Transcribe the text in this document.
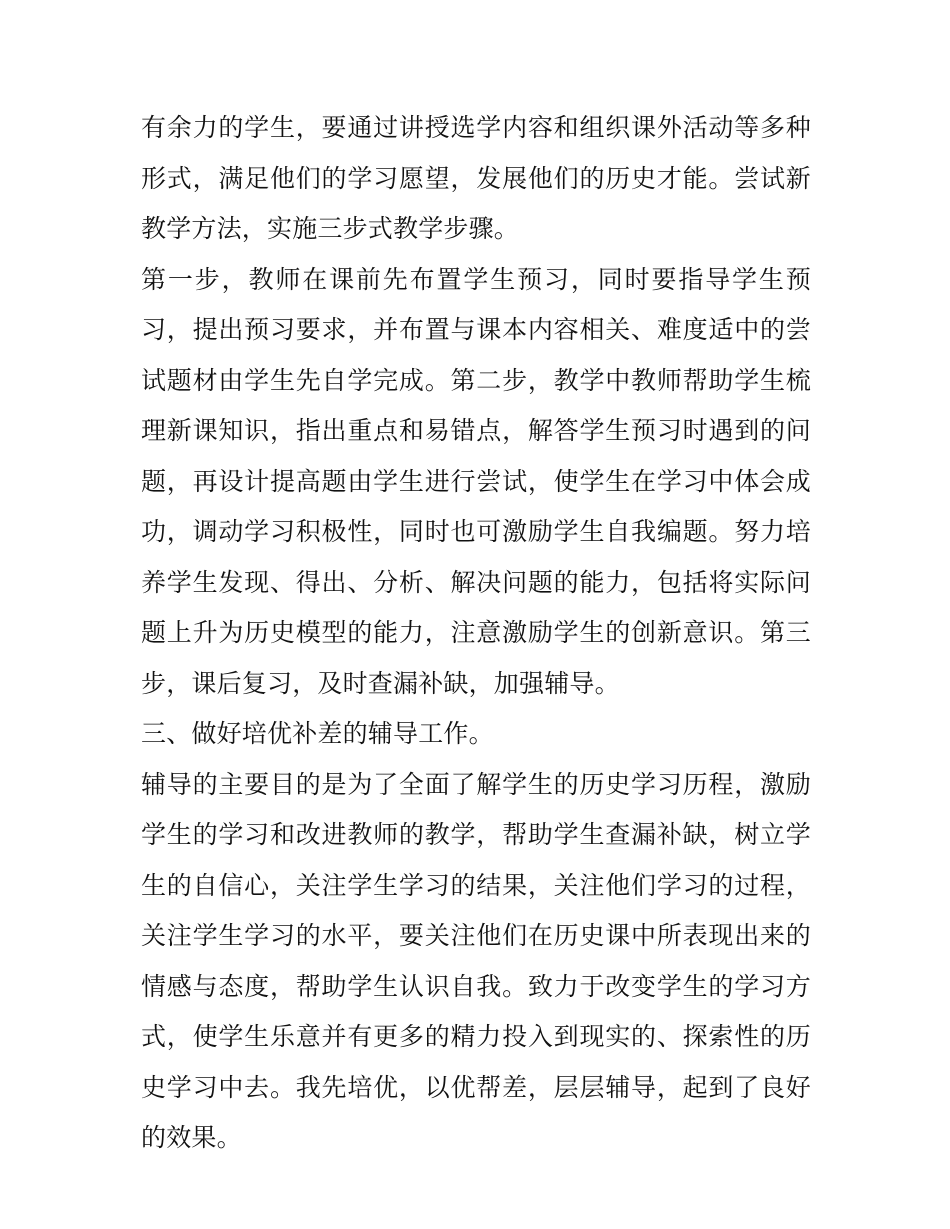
有余力的学生，要通过讲授选学内容和组织课外活动等多种形式，满足他们的学习愿望，发展他们的历史才能。尝试新教学方法，实施三步式教学步骤。

第一步，教师在课前先布置学生预习，同时要指导学生预习，提出预习要求，并布置与课本内容相关、难度适中的尝试题材由学生先自学完成。第二步，教学中教师帮助学生梳理新课知识，指出重点和易错点，解答学生预习时遇到的问题，再设计提高题由学生进行尝试，使学生在学习中体会成功，调动学习积极性，同时也可激励学生自我编题。努力培养学生发现、得出、分析、解决问题的能力，包括将实际问题上升为历史模型的能力，注意激励学生的创新意识。第三步，课后复习，及时查漏补缺，加强辅导。

三、做好培优补差的辅导工作。

辅导的主要目的是为了全面了解学生的历史学习历程，激励学生的学习和改进教师的教学，帮助学生查漏补缺，树立学生的自信心，关注学生学习的结果，关注他们学习的过程，关注学生学习的水平，要关注他们在历史课中所表现出来的情感与态度，帮助学生认识自我。致力于改变学生的学习方式，使学生乐意并有更多的精力投入到现实的、探索性的历史学习中去。我先培优，以优帮差，层层辅导，起到了良好的效果。
